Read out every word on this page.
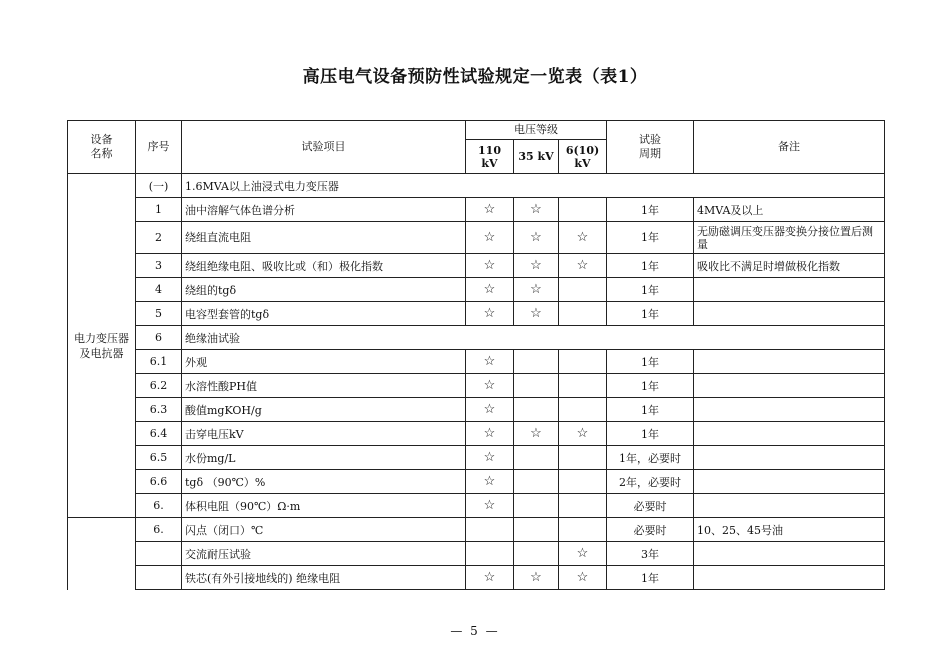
高压电气设备预防性试验规定一览表（表1）
设备
名称	序号	试验项目	电压等级			试验
周期	备注
			110 kV	35 kV	6(10) kV		
电力变压器
及电抗器	(一)	1.6MVA以上油浸式电力变压器					
	1	油中溶解气体色谱分析	☆	☆		1年	4MVA及以上
	2	绕组直流电阻	☆	☆	☆	1年	无励磁调压变压器变换分接位置后测量
	3	绕组绝缘电阻、吸收比或（和）极化指数	☆	☆	☆	1年	吸收比不满足时增做极化指数
	4	绕组的tgδ	☆	☆		1年	
	5	电容型套管的tgδ	☆	☆		1年	
	6	绝缘油试验					
	6.1	外观	☆			1年	
	6.2	水溶性酸PH值	☆			1年	
	6.3	酸值mgKOH/g	☆			1年	
	6.4	击穿电压kV	☆	☆	☆	1年	
	6.5	水份mg/L	☆			1年，必要时	
	6.6	tgδ （90℃）%	☆			2年，必要时	
	6.	体积电阻（90℃）Ω·m	☆			必要时	
	6.	闪点（闭口）℃				必要时	10、25、45号油
		交流耐压试验			☆	3年	
		铁芯(有外引接地线的) 绝缘电阻	☆	☆	☆	1年	
— 5 —
